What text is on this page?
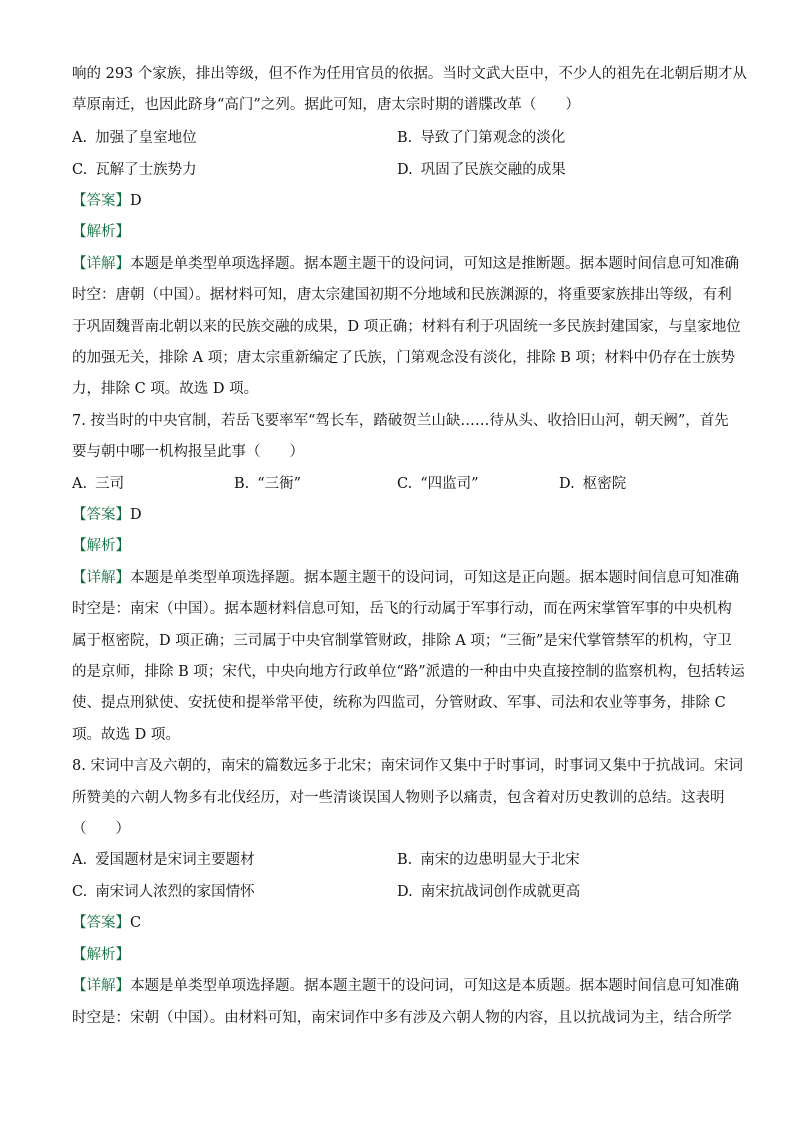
响的 293 个家族，排出等级，但不作为任用官员的依据。当时文武大臣中，不少人的祖先在北朝后期才从
草原南迁，也因此跻身“高门”之列。据此可知，唐太宗时期的谱牒改革（　　）
A. 加强了皇室地位	B. 导致了门第观念的淡化
C. 瓦解了士族势力	D. 巩固了民族交融的成果
【答案】D
【解析】
【详解】本题是单类型单项选择题。据本题主题干的设问词，可知这是推断题。据本题时间信息可知准确
时空：唐朝（中国）。据材料可知，唐太宗建国初期不分地域和民族渊源的，将重要家族排出等级，有利
于巩固魏晋南北朝以来的民族交融的成果，D 项正确；材料有利于巩固统一多民族封建国家，与皇家地位
的加强无关，排除 A 项；唐太宗重新编定了氏族，门第观念没有淡化，排除 B 项；材料中仍存在士族势
力，排除 C 项。故选 D 项。
7. 按当时的中央官制，若岳飞要率军“驾长车，踏破贺兰山缺……待从头、收拾旧山河，朝天阙”，首先
要与朝中哪一机构报呈此事（　　）
A. 三司	B. “三衙”	C. “四监司”	D. 枢密院
【答案】D
【解析】
【详解】本题是单类型单项选择题。据本题主题干的设问词，可知这是正向题。据本题时间信息可知准确
时空是：南宋（中国）。据本题材料信息可知，岳飞的行动属于军事行动，而在两宋掌管军事的中央机构
属于枢密院，D 项正确；三司属于中央官制掌管财政，排除 A 项；“三衙”是宋代掌管禁军的机构，守卫
的是京师，排除 B 项；宋代，中央向地方行政单位“路”派遣的一种由中央直接控制的监察机构，包括转运
使、提点刑狱使、安抚使和提举常平使，统称为四监司，分管财政、军事、司法和农业等事务，排除 C
项。故选 D 项。
8. 宋词中言及六朝的，南宋的篇数远多于北宋；南宋词作又集中于时事词，时事词又集中于抗战词。宋词
所赞美的六朝人物多有北伐经历，对一些清谈误国人物则予以痛责，包含着对历史教训的总结。这表明
（　　）
A. 爱国题材是宋词主要题材	B. 南宋的边患明显大于北宋
C. 南宋词人浓烈的家国情怀	D. 南宋抗战词创作成就更高
【答案】C
【解析】
【详解】本题是单类型单项选择题。据本题主题干的设问词，可知这是本质题。据本题时间信息可知准确
时空是：宋朝（中国）。由材料可知，南宋词作中多有涉及六朝人物的内容，且以抗战词为主，结合所学
